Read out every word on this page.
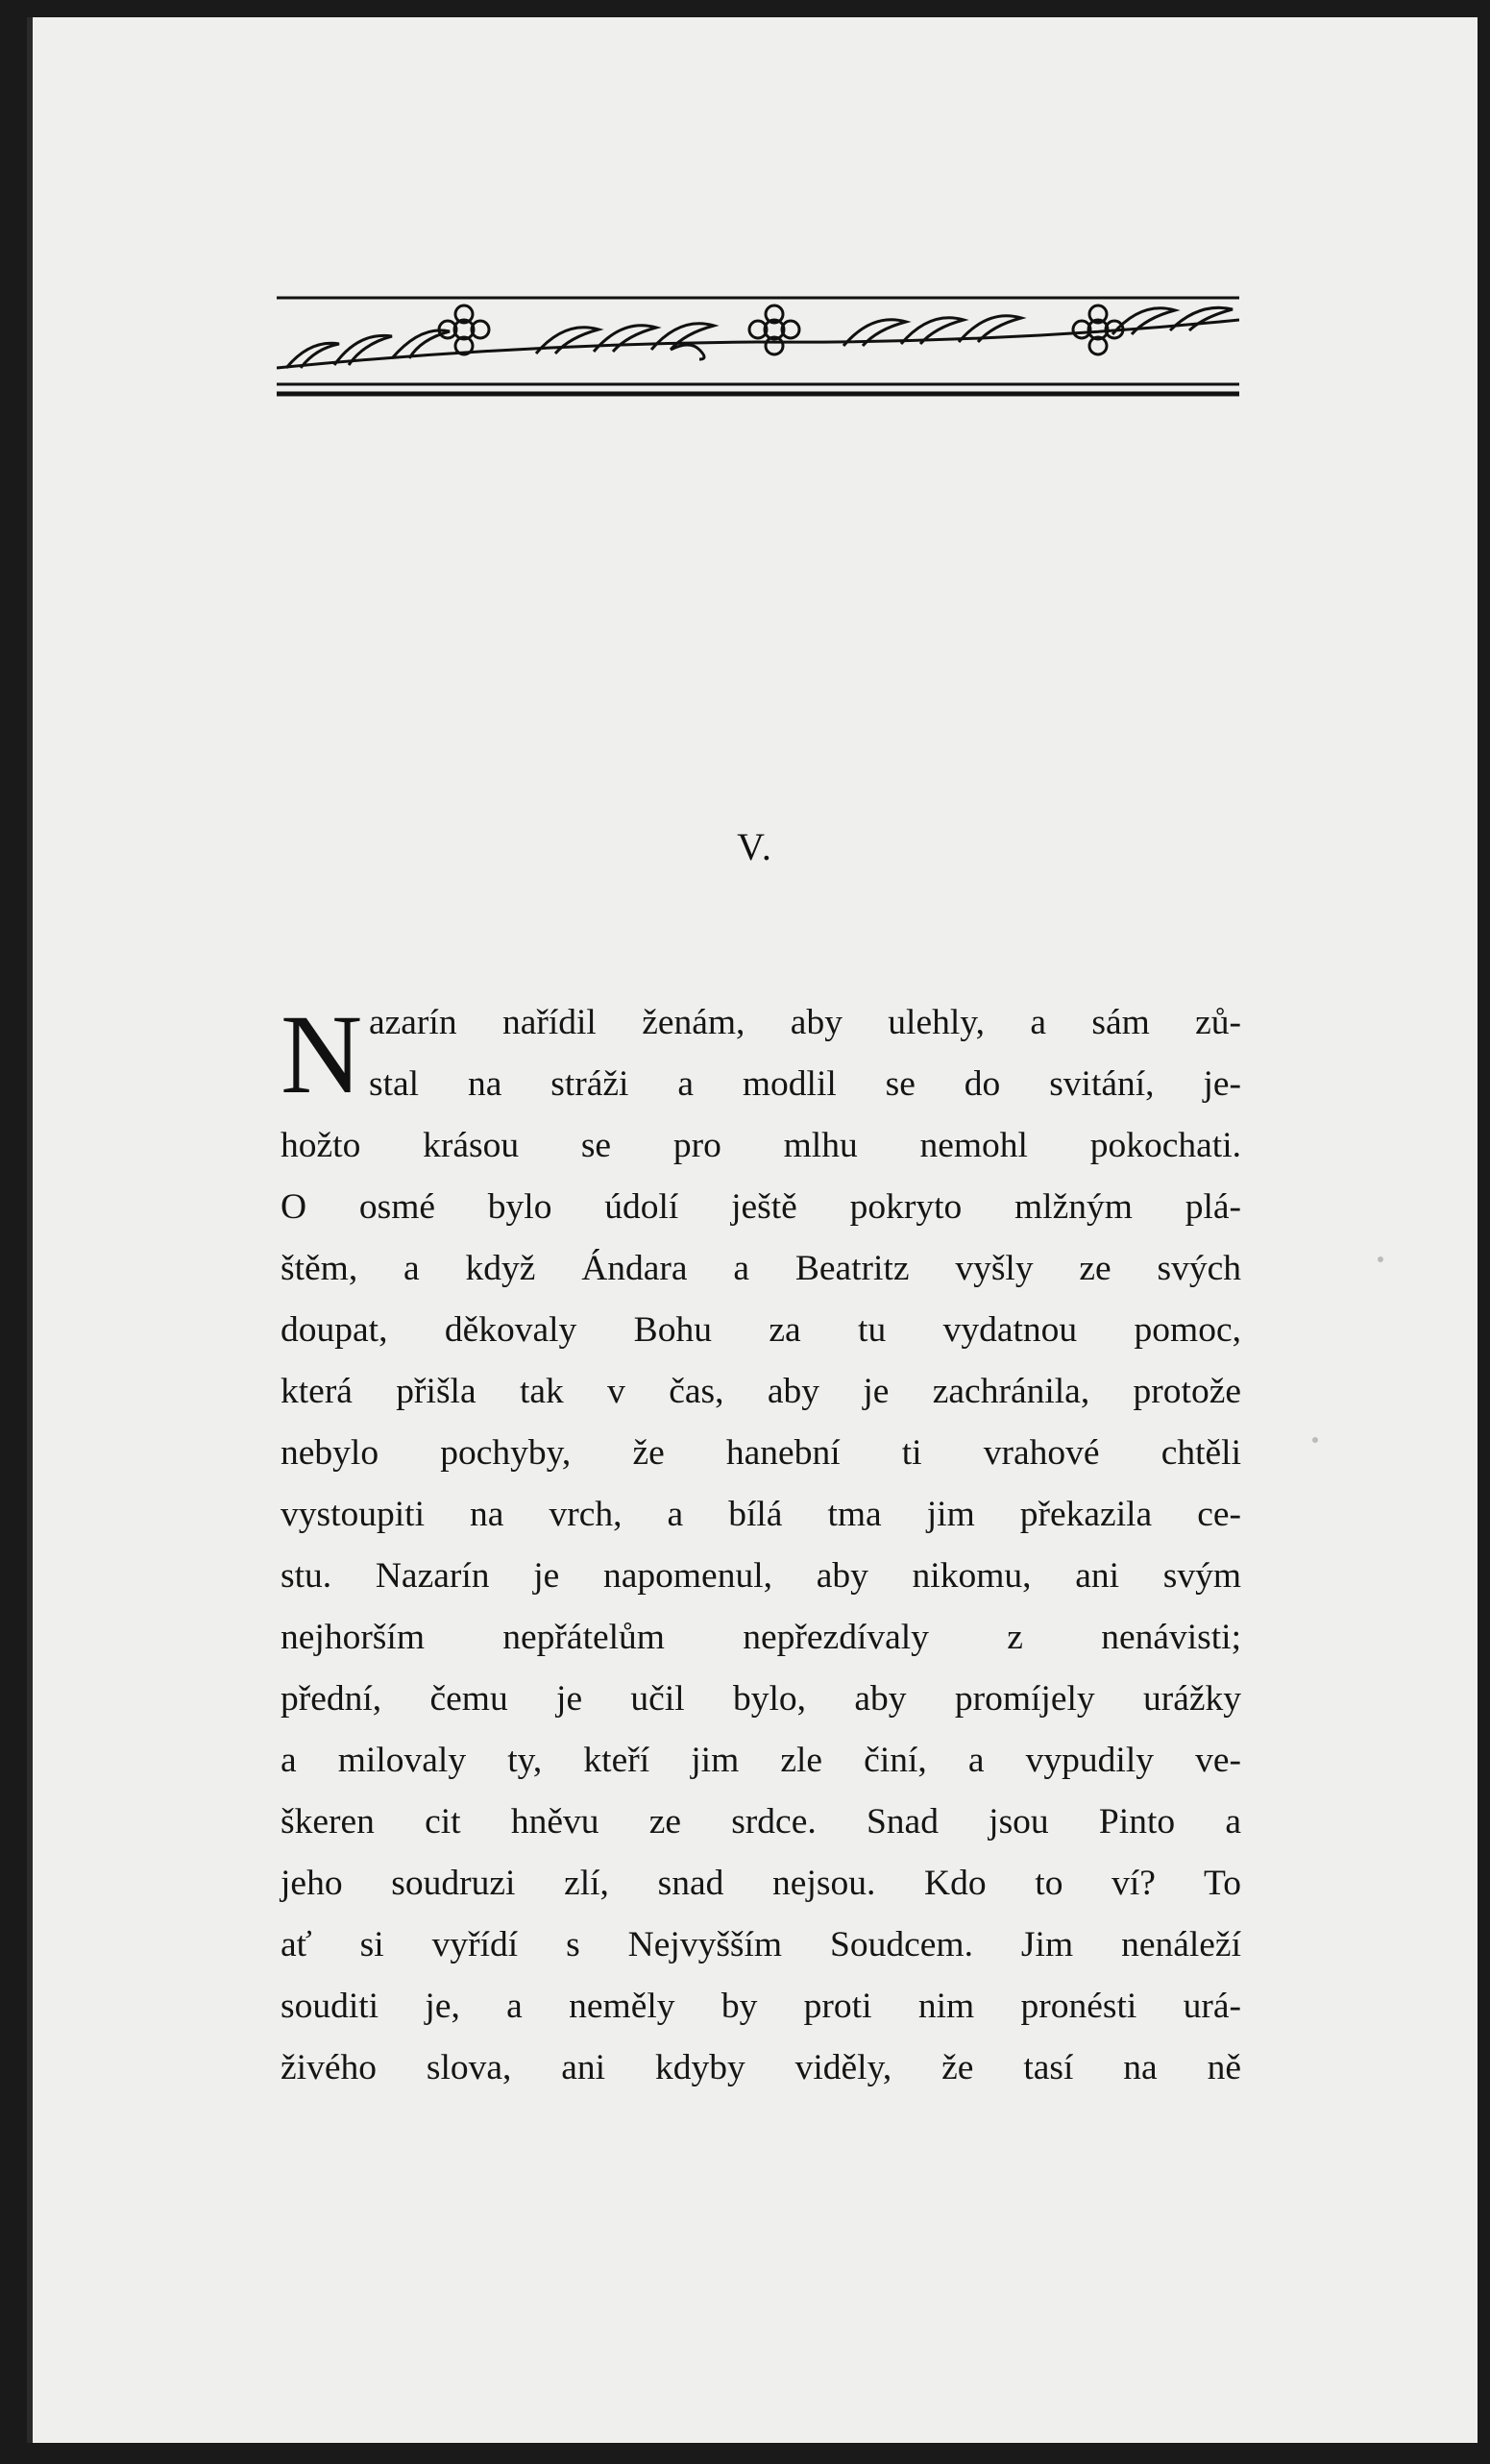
V.
N azarín nařídil ženám, aby ulehly, a sám zů-
stal na stráži a modlil se do svitání, je-
hožto krásou se pro mlhu nemohl pokochati.
O osmé bylo údolí ještě pokryto mlžným plá-
štěm, a když Ándara a Beatritz vyšly ze svých
doupat, děkovaly Bohu za tu vydatnou pomoc,
která přišla tak v čas, aby je zachránila, protože
nebylo pochyby, že hanební ti vrahové chtěli
vystoupiti na vrch, a bílá tma jim překazila ce-
stu. Nazarín je napomenul, aby nikomu, ani svým
nejhorším nepřátelům nepřezdívaly z nenávisti;
přední, čemu je učil bylo, aby promíjely urážky
a milovaly ty, kteří jim zle činí, a vypudily ve-
škeren cit hněvu ze srdce. Snad jsou Pinto a
jeho soudruzi zlí, snad nejsou. Kdo to ví? To
ať si vyřídí s Nejvyšším Soudcem. Jim nenáleží
souditi je, a neměly by proti nim pronésti urá-
živého slova, ani kdyby viděly, že tasí na ně
